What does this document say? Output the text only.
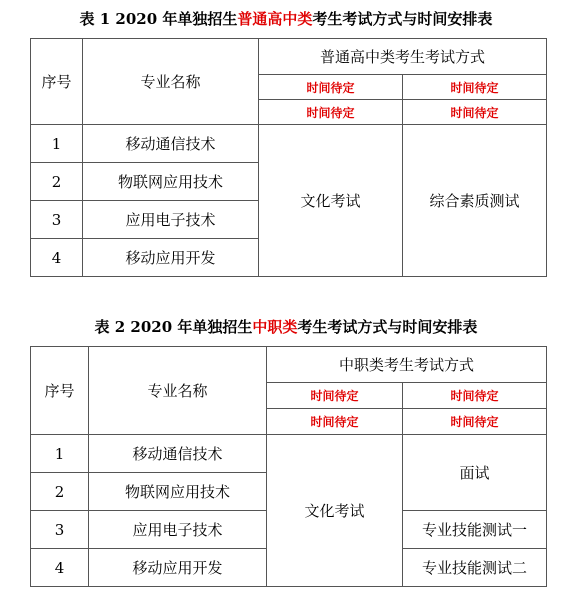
表 1 2020 年单独招生普通高中类考生考试方式与时间安排表
序号	专业名称	普通高中类考生考试方式	
		时间待定	时间待定
		时间待定	时间待定
1	移动通信技术	文化考试	综合素质测试
2	物联网应用技术		
3	应用电子技术		
4	移动应用开发		
表 2 2020 年单独招生中职类考生考试方式与时间安排表
序号	专业名称	中职类考生考试方式	
		时间待定	时间待定
		时间待定	时间待定
1	移动通信技术	文化考试	面试
2	物联网应用技术		
3	应用电子技术		专业技能测试一
4	移动应用开发		专业技能测试二
